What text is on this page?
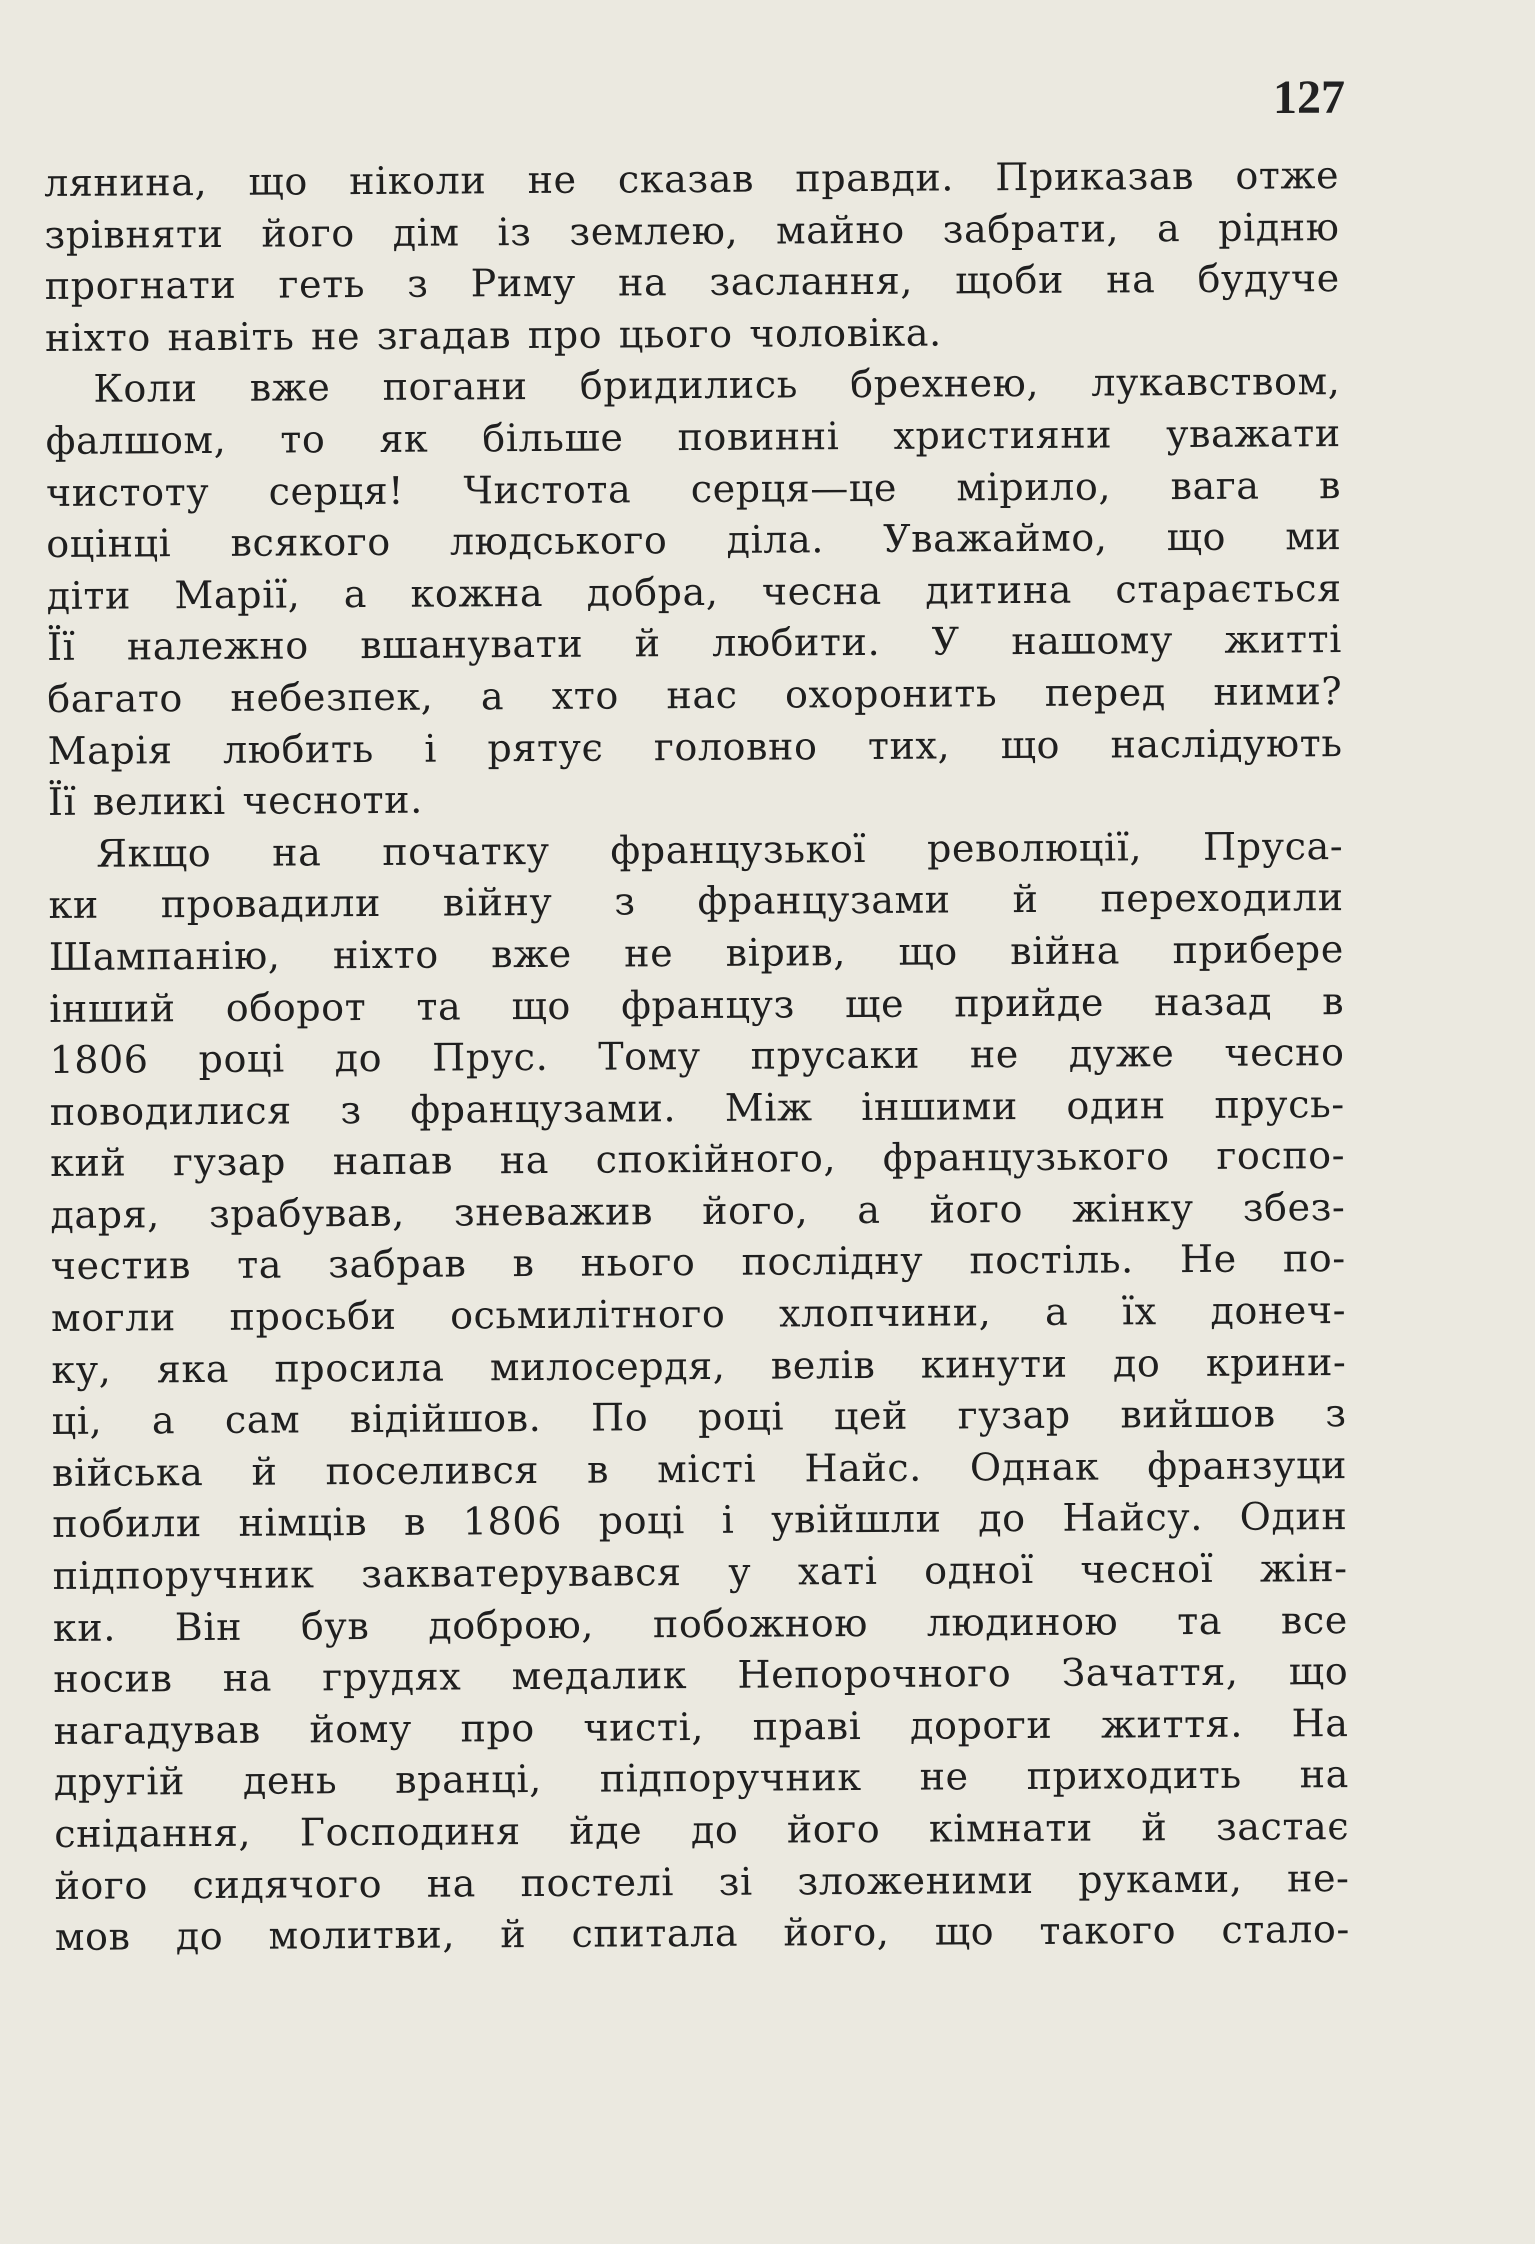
127
лянина, що ніколи не сказав правди. Приказав отже
зрівняти його дім із землею, майно забрати, а рідню
прогнати геть з Риму на заслання, щоби на будуче
ніхто навіть не згадав про цього чоловіка.
Коли вже погани бридились брехнею, лукавством,
фалшом, то як більше повинні християни уважати
чистоту серця! Чистота серця—це мірило, вага в
оцінці всякого людського діла. Уважаймо, що ми
діти Марії, а кожна добра, чесна дитина старається
Її належно вшанувати й любити. У нашому житті
багато небезпек, а хто нас охоронить перед ними?
Марія любить і рятує головно тих, що наслідують
Її великі чесноти.
Якщо на початку французької революції, Пруса-
ки провадили війну з французами й переходили
Шампанію, ніхто вже не вірив, що війна прибере
інший оборот та що француз ще прийде назад в
1806 році до Прус. Тому прусаки не дуже чесно
поводилися з французами. Між іншими один прусь-
кий гузар напав на спокійного, французького госпо-
даря, зрабував, зневажив його, а його жінку збез-
честив та забрав в нього послідну постіль. Не по-
могли просьби осьмилітного хлопчини, а їх донеч-
ку, яка просила милосердя, велів кинути до крини-
ці, а сам відійшов. По році цей гузар вийшов з
війська й поселився в місті Найс. Однак франзуци
побили німців в 1806 році і увійшли до Найсу. Один
підпоручник закватерувався у хаті одної чесної жін-
ки. Він був доброю, побожною людиною та все
носив на грудях медалик Непорочного Зачаття, що
нагадував йому про чисті, праві дороги життя. На
другій день вранці, підпоручник не приходить на
снідання, Господиня йде до його кімнати й застає
його сидячого на постелі зі зложеними руками, не-
мов до молитви, й спитала його, що такого стало-
